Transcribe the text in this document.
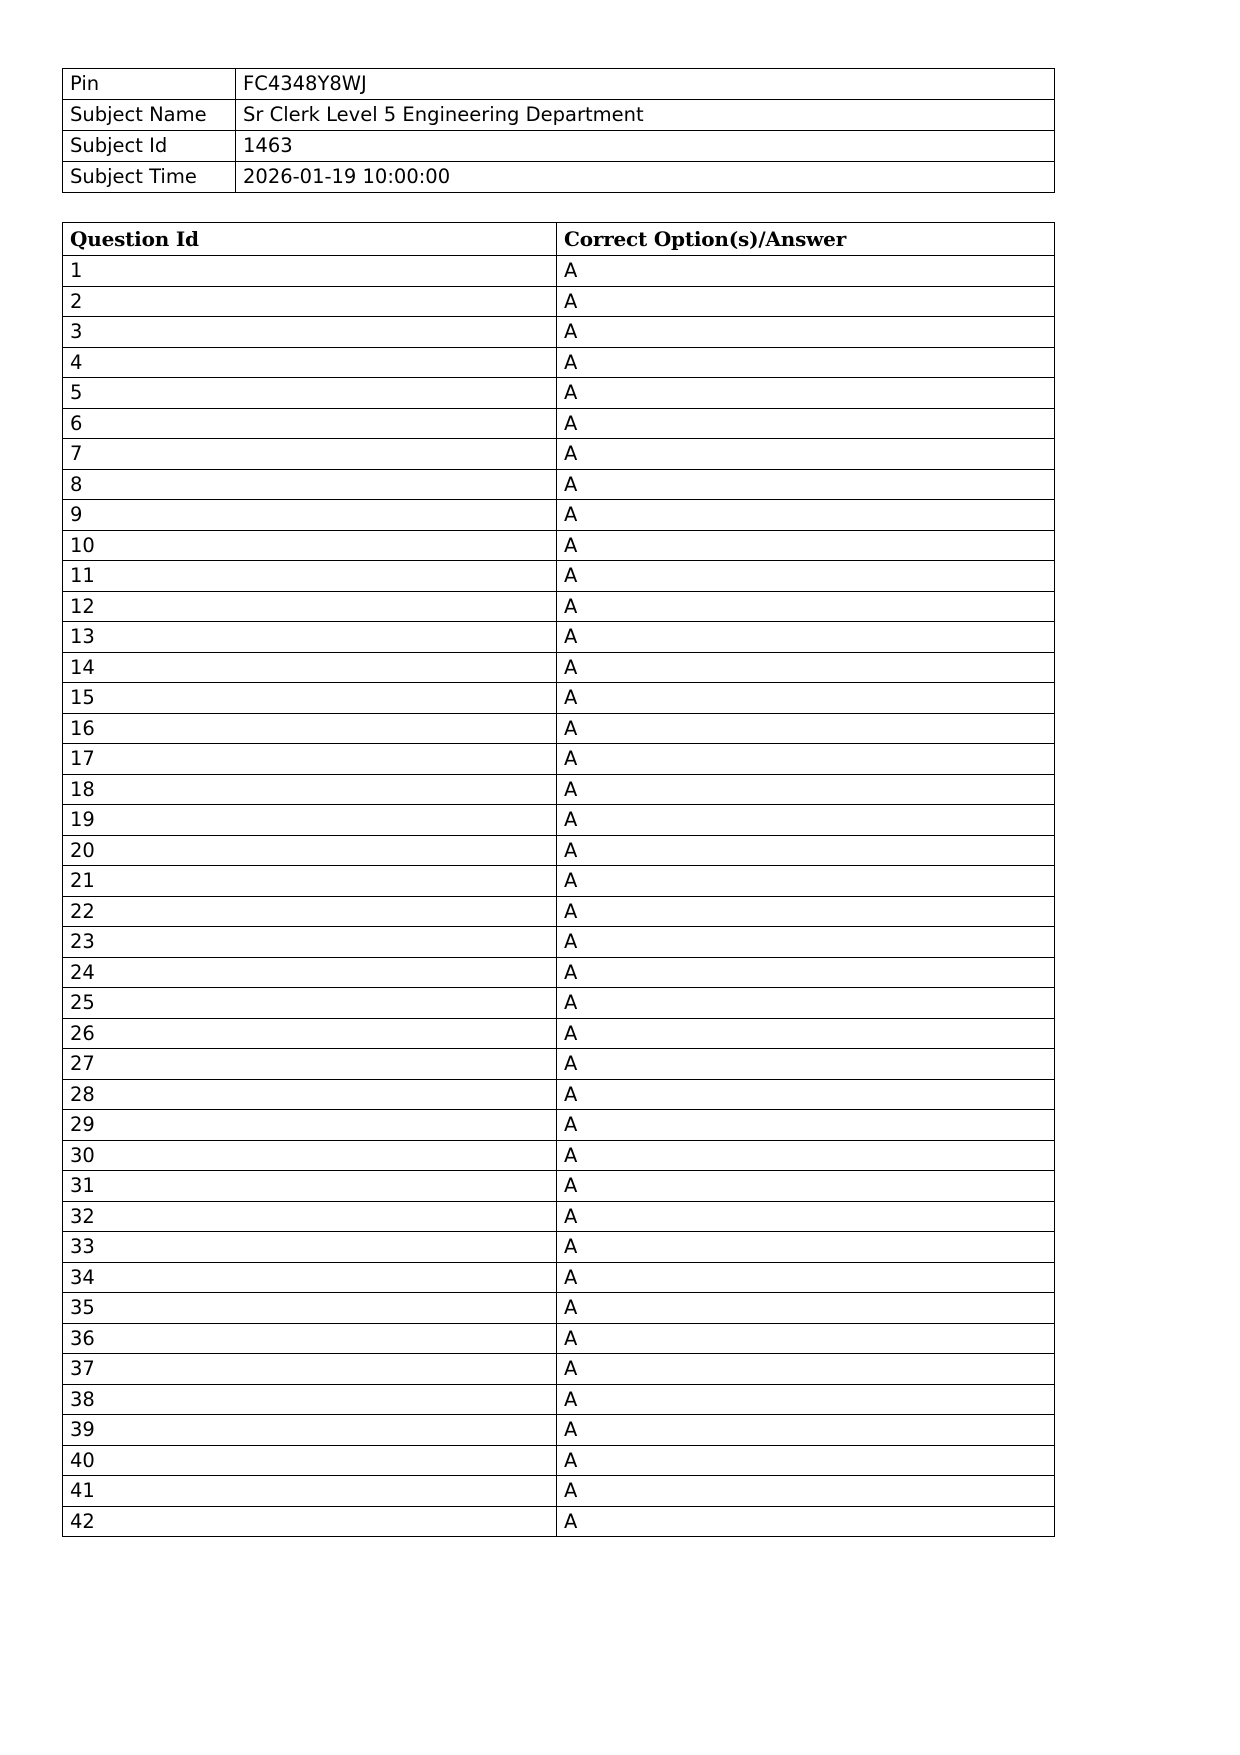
Pin	FC4348Y8WJ
Subject Name	Sr Clerk Level 5 Engineering Department
Subject Id	1463
Subject Time	2026-01-19 10:00:00
Question Id	Correct Option(s)/Answer
1	A
2	A
3	A
4	A
5	A
6	A
7	A
8	A
9	A
10	A
11	A
12	A
13	A
14	A
15	A
16	A
17	A
18	A
19	A
20	A
21	A
22	A
23	A
24	A
25	A
26	A
27	A
28	A
29	A
30	A
31	A
32	A
33	A
34	A
35	A
36	A
37	A
38	A
39	A
40	A
41	A
42	A
